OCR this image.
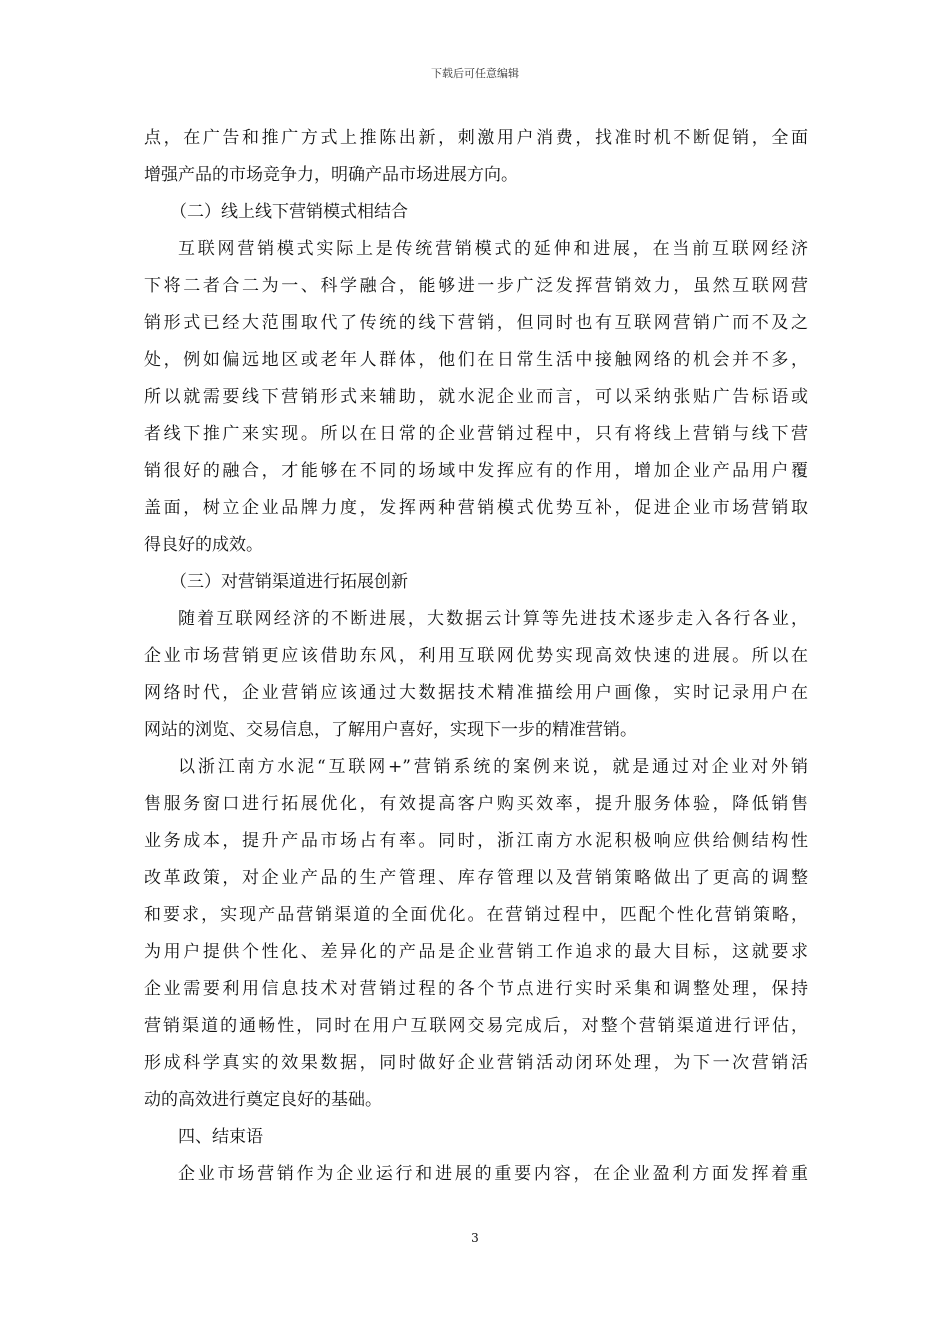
下载后可任意编辑
点，在广告和推广方式上推陈出新，刺激用户消费，找准时机不断促销，全面
增强产品的市场竞争力，明确产品市场进展方向。
（二）线上线下营销模式相结合
互联网营销模式实际上是传统营销模式的延伸和进展，在当前互联网经济
下将二者合二为一、科学融合，能够进一步广泛发挥营销效力，虽然互联网营
销形式已经大范围取代了传统的线下营销，但同时也有互联网营销广而不及之
处，例如偏远地区或老年人群体，他们在日常生活中接触网络的机会并不多，
所以就需要线下营销形式来辅助，就水泥企业而言，可以采纳张贴广告标语或
者线下推广来实现。所以在日常的企业营销过程中，只有将线上营销与线下营
销很好的融合，才能够在不同的场域中发挥应有的作用，增加企业产品用户覆
盖面，树立企业品牌力度，发挥两种营销模式优势互补，促进企业市场营销取
得良好的成效。
（三）对营销渠道进行拓展创新
随着互联网经济的不断进展，大数据云计算等先进技术逐步走入各行各业，
企业市场营销更应该借助东风，利用互联网优势实现高效快速的进展。所以在
网络时代，企业营销应该通过大数据技术精准描绘用户画像，实时记录用户在
网站的浏览、交易信息，了解用户喜好，实现下一步的精准营销。
以浙江南方水泥“互联网+”营销系统的案例来说，就是通过对企业对外销
售服务窗口进行拓展优化，有效提高客户购买效率，提升服务体验，降低销售
业务成本，提升产品市场占有率。同时，浙江南方水泥积极响应供给侧结构性
改革政策，对企业产品的生产管理、库存管理以及营销策略做出了更高的调整
和要求，实现产品营销渠道的全面优化。在营销过程中，匹配个性化营销策略，
为用户提供个性化、差异化的产品是企业营销工作追求的最大目标，这就要求
企业需要利用信息技术对营销过程的各个节点进行实时采集和调整处理，保持
营销渠道的通畅性，同时在用户互联网交易完成后，对整个营销渠道进行评估，
形成科学真实的效果数据，同时做好企业营销活动闭环处理，为下一次营销活
动的高效进行奠定良好的基础。
四、结束语
企业市场营销作为企业运行和进展的重要内容，在企业盈利方面发挥着重
3
